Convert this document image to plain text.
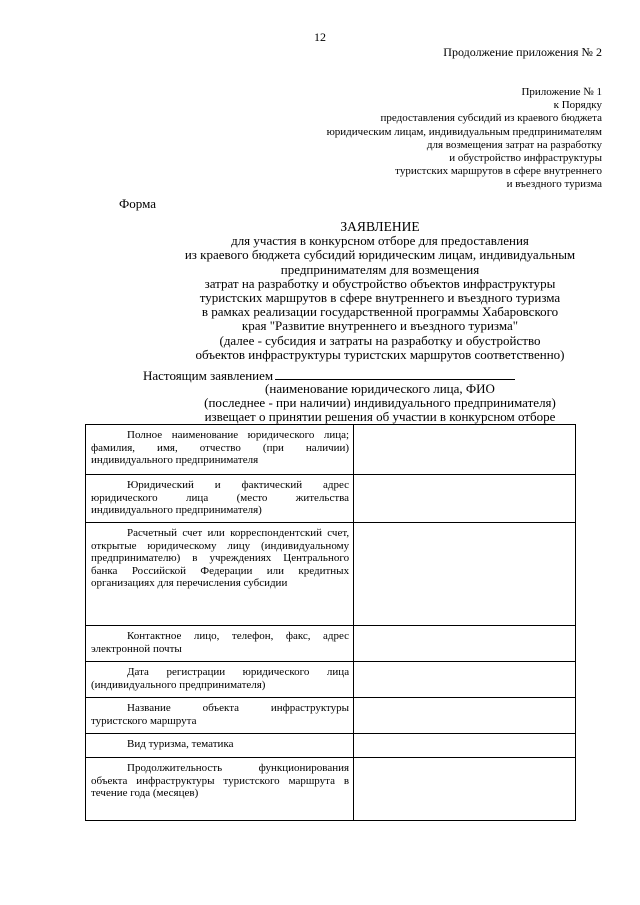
12
Продолжение приложения № 2
Приложение № 1
к Порядку
предоставления субсидий из краевого бюджета
юридическим лицам, индивидуальным предпринимателям
для возмещения затрат на разработку
и обустройство инфраструктуры
туристских маршрутов в сфере внутреннего
и въездного туризма
Форма
ЗАЯВЛЕНИЕ
для участия в конкурсном отборе для предоставления
из краевого бюджета субсидий юридическим лицам, индивидуальным
предпринимателям для возмещения
затрат на разработку и обустройство объектов инфраструктуры
туристских маршрутов в сфере внутреннего и въездного туризма
в рамках реализации государственной программы Хабаровского
края "Развитие внутреннего и въездного туризма"
(далее - субсидия и затраты на разработку и обустройство
объектов инфраструктуры туристских маршрутов соответственно)
Настоящим заявлением
(наименование юридического лица, ФИО
(последнее - при наличии) индивидуального предпринимателя)
извещает о принятии решения об участии в конкурсном отборе
Полное наименование юридического лица; фамилия, имя, отчество (при наличии) индивидуального предпринимателя	

Юридический и фактический адрес юридического лица (место жительства индивидуального предпринимателя)	

Расчетный счет или корреспондентский счет, открытые юридическому лицу (индивидуальному предпринимателю) в учреждениях Центрального банка Российской Федерации или кредитных организациях для перечисления субсидии	

Контактное лицо, телефон, факс, адрес электронной почты	

Дата регистрации юридического лица (индивидуального предпринимателя)	

Название объекта инфраструктуры туристского маршрута	

Вид туризма, тематика	

Продолжительность функционирования объекта инфраструктуры туристского маршрута в течение года (месяцев)	
